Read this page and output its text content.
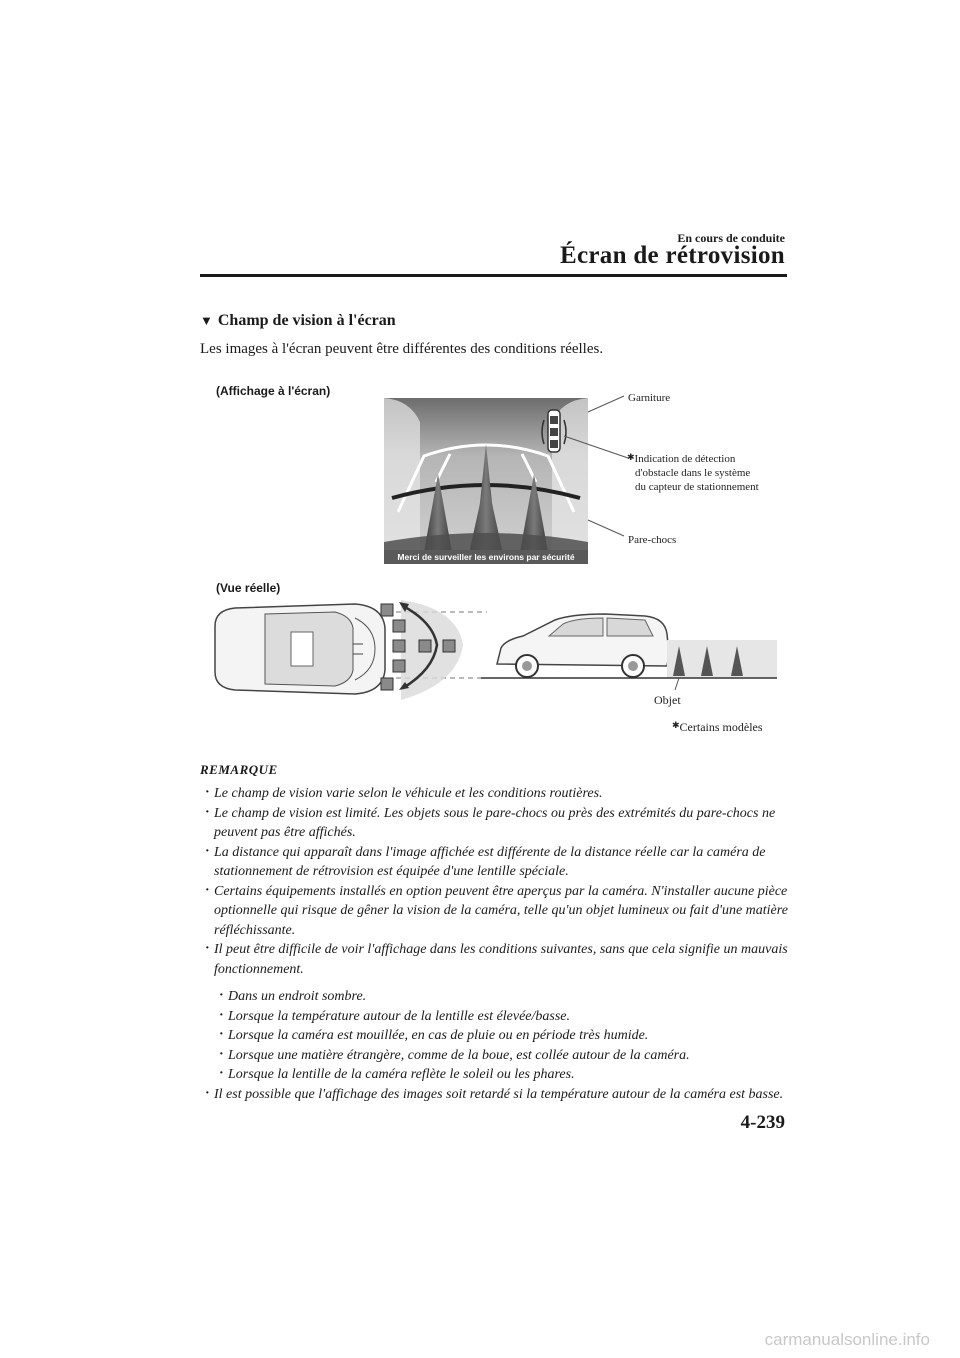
En cours de conduite
Écran de rétrovision
▼ Champ de vision à l'écran
Les images à l'écran peuvent être différentes des conditions réelles.
(Affichage à l'écran)
Merci de surveiller les environs par sécurité
Garniture
✱Indication de détection
d'obstacle dans le système
du capteur de stationnement
Pare-chocs
(Vue réelle)
Objet
✱Certains modèles
REMARQUE
· Le champ de vision varie selon le véhicule et les conditions routières.
· Le champ de vision est limité. Les objets sous le pare-chocs ou près des extrémités du pare-chocs ne peuvent pas être affichés.
· La distance qui apparaît dans l'image affichée est différente de la distance réelle car la caméra de stationnement de rétrovision est équipée d'une lentille spéciale.
· Certains équipements installés en option peuvent être aperçus par la caméra. N'installer aucune pièce optionnelle qui risque de gêner la vision de la caméra, telle qu'un objet lumineux ou fait d'une matière réfléchissante.
· Il peut être difficile de voir l'affichage dans les conditions suivantes, sans que cela signifie un mauvais fonctionnement.
· Dans un endroit sombre.
· Lorsque la température autour de la lentille est élevée/basse.
· Lorsque la caméra est mouillée, en cas de pluie ou en période très humide.
· Lorsque une matière étrangère, comme de la boue, est collée autour de la caméra.
· Lorsque la lentille de la caméra reflète le soleil ou les phares.
· Il est possible que l'affichage des images soit retardé si la température autour de la caméra est basse.
4-239
carmanualsonline.info
